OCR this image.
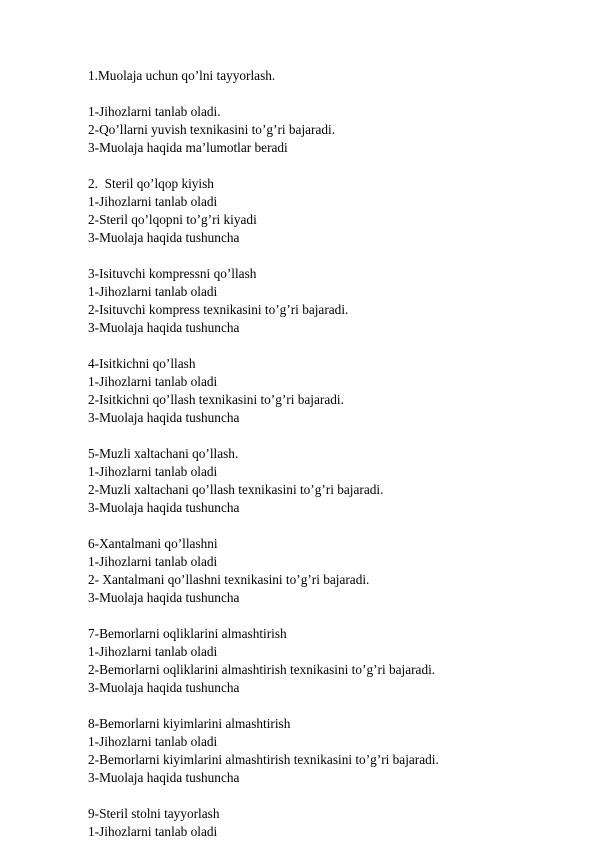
1.Muolaja uchun qo’lni tayyorlash.
1-Jihozlarni tanlab oladi.
2-Qo’llarni yuvish texnikasini to’g’ri bajaradi.
3-Muolaja haqida ma’lumotlar beradi
2.  Steril qo’lqop kiyish
1-Jihozlarni tanlab oladi
2-Steril qo’lqopni to’g’ri kiyadi
3-Muolaja haqida tushuncha
3-Isituvchi kompressni qo’llash
1-Jihozlarni tanlab oladi
2-Isituvchi kompress texnikasini to’g’ri bajaradi.
3-Muolaja haqida tushuncha
4-Isitkichni qo’llash
1-Jihozlarni tanlab oladi
2-Isitkichni qo’llash texnikasini to’g’ri bajaradi.
3-Muolaja haqida tushuncha
5-Muzli xaltachani qo’llash.
1-Jihozlarni tanlab oladi
2-Muzli xaltachani qo’llash texnikasini to’g’ri bajaradi.
3-Muolaja haqida tushuncha
6-Xantalmani qo’llashni
1-Jihozlarni tanlab oladi
2- Xantalmani qo’llashni texnikasini to’g’ri bajaradi.
3-Muolaja haqida tushuncha
7-Bemorlarni oqliklarini almashtirish
1-Jihozlarni tanlab oladi
2-Bemorlarni oqliklarini almashtirish texnikasini to’g’ri bajaradi.
3-Muolaja haqida tushuncha
8-Bemorlarni kiyimlarini almashtirish
1-Jihozlarni tanlab oladi
2-Bemorlarni kiyimlarini almashtirish texnikasini to’g’ri bajaradi.
3-Muolaja haqida tushuncha
9-Steril stolni tayyorlash
1-Jihozlarni tanlab oladi
